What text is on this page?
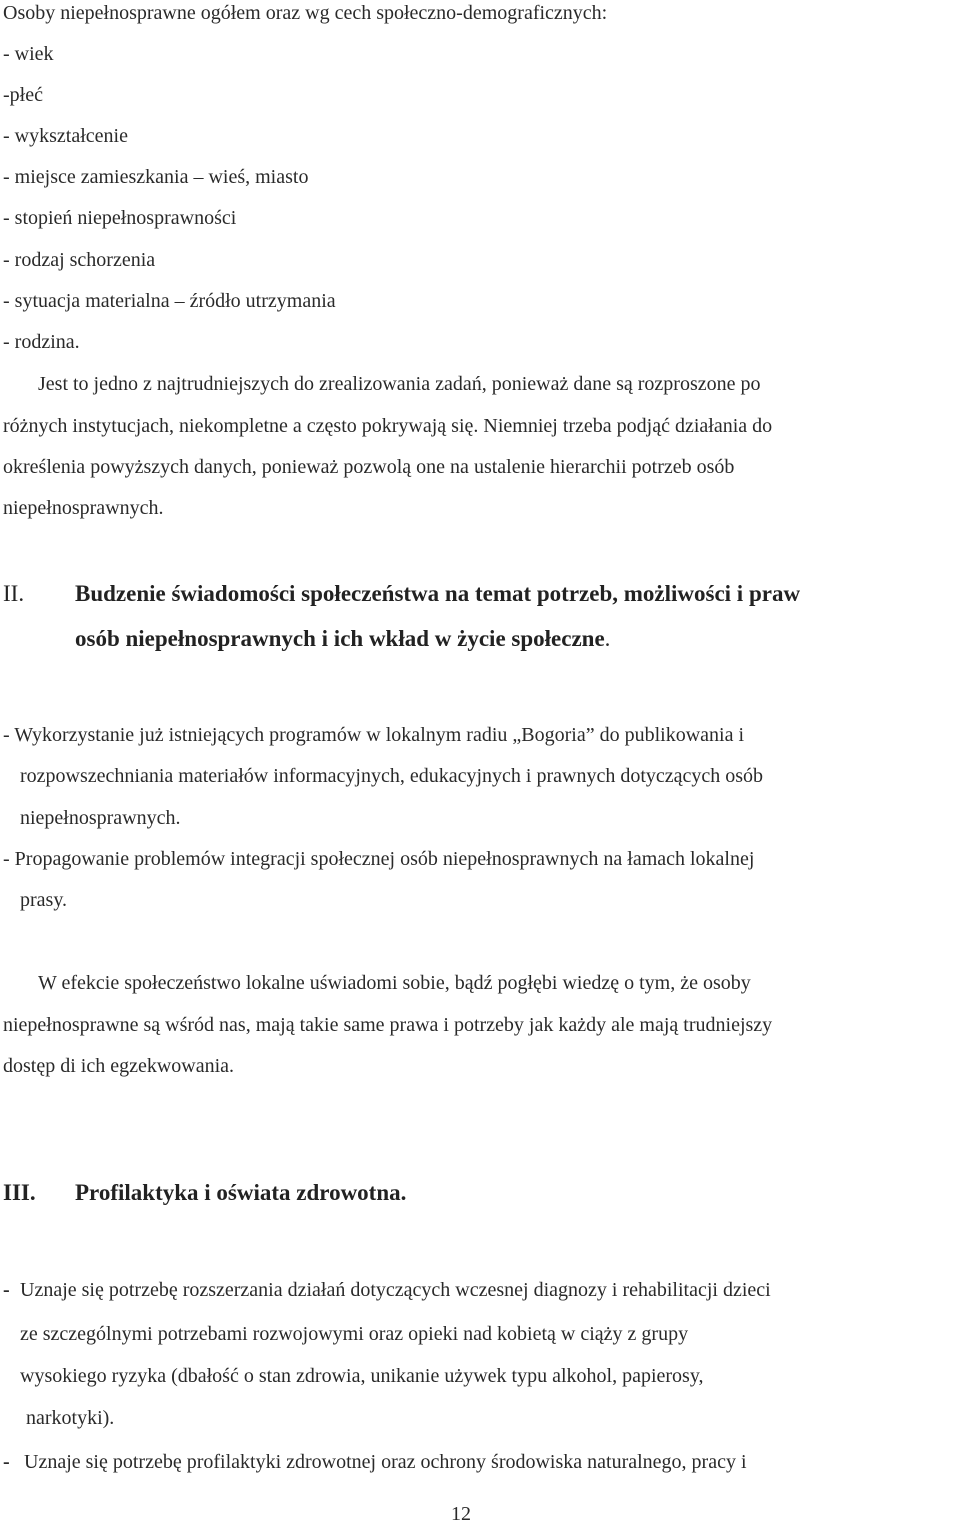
Osoby niepełnosprawne ogółem oraz wg cech społeczno-demograficznych:
- wiek
-płeć
- wykształcenie
- miejsce zamieszkania – wieś, miasto
- stopień niepełnosprawności
- rodzaj schorzenia
- sytuacja materialna – źródło utrzymania
- rodzina.
Jest to jedno z najtrudniejszych do zrealizowania zadań, ponieważ dane są rozproszone po
różnych instytucjach, niekompletne a często pokrywają się. Niemniej trzeba podjąć działania do
określenia powyższych danych, ponieważ pozwolą one na ustalenie hierarchii potrzeb osób
niepełnosprawnych.
II. Budzenie świadomości społeczeństwa na temat potrzeb, możliwości i praw
osób niepełnosprawnych i ich wkład w życie społeczne.
- Wykorzystanie już istniejących programów w lokalnym radiu „Bogoria” do publikowania i
rozpowszechniania materiałów informacyjnych, edukacyjnych i prawnych dotyczących osób
niepełnosprawnych.
- Propagowanie problemów integracji społecznej osób niepełnosprawnych na łamach lokalnej
prasy.
W efekcie społeczeństwo lokalne uświadomi sobie, bądź pogłębi wiedzę o tym, że osoby
niepełnosprawne są wśród nas, mają takie same prawa i potrzeby jak każdy ale mają trudniejszy
dostęp di ich egzekwowania.
III. Profilaktyka i oświata zdrowotna.
- Uznaje się potrzebę rozszerzania działań dotyczących wczesnej diagnozy i rehabilitacji dzieci
ze szczególnymi potrzebami rozwojowymi oraz opieki nad kobietą w ciąży z grupy
wysokiego ryzyka (dbałość o stan zdrowia, unikanie używek typu alkohol, papierosy,
narkotyki).
- Uznaje się potrzebę profilaktyki zdrowotnej oraz ochrony środowiska naturalnego, pracy i
12
